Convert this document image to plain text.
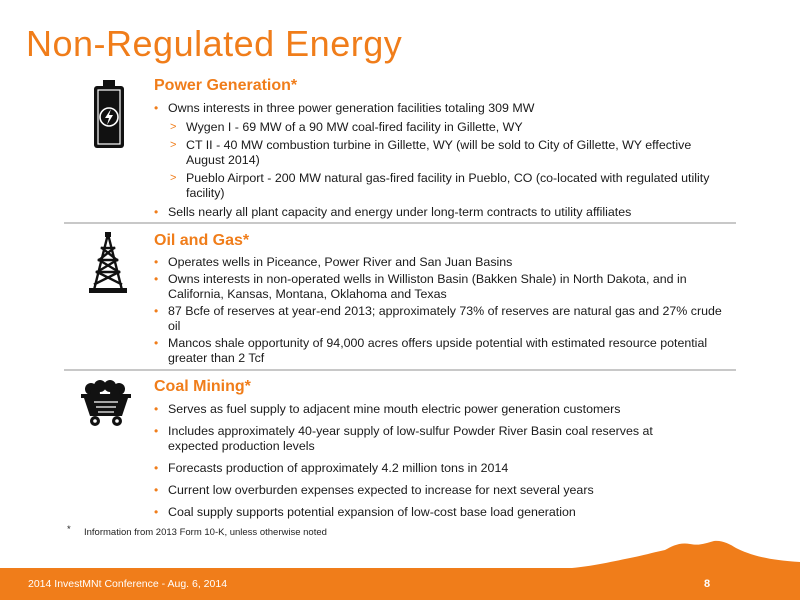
Non-Regulated Energy
Power Generation*
• Owns interests in three power generation facilities totaling 309 MW
> Wygen I - 69 MW of a 90 MW coal-fired facility in Gillette, WY
> CT II - 40 MW combustion turbine in Gillette, WY (will be sold to City of Gillette, WY effective August 2014)
> Pueblo Airport - 200 MW natural gas-fired facility in Pueblo, CO (co-located with regulated utility facility)
• Sells nearly all plant capacity and energy under long-term contracts to utility affiliates
Oil and Gas*
• Operates wells in Piceance, Power River and San Juan Basins
• Owns interests in non-operated wells in Williston Basin (Bakken Shale) in North Dakota, and in California, Kansas, Montana, Oklahoma and Texas
• 87 Bcfe of reserves at year-end 2013; approximately 73% of reserves are natural gas and 27% crude oil
• Mancos shale opportunity of 94,000 acres offers upside potential with estimated resource potential greater than 2 Tcf
Coal Mining*
• Serves as fuel supply to adjacent mine mouth electric power generation customers
• Includes approximately 40-year supply of low-sulfur Powder River Basin coal reserves at expected production levels
• Forecasts production of approximately 4.2 million tons in 2014
• Current low overburden expenses expected to increase for next several years
• Coal supply supports potential expansion of low-cost base load generation
* Information from 2013 Form 10-K, unless otherwise noted
2014 InvestMNt Conference - Aug. 6, 2014	8
